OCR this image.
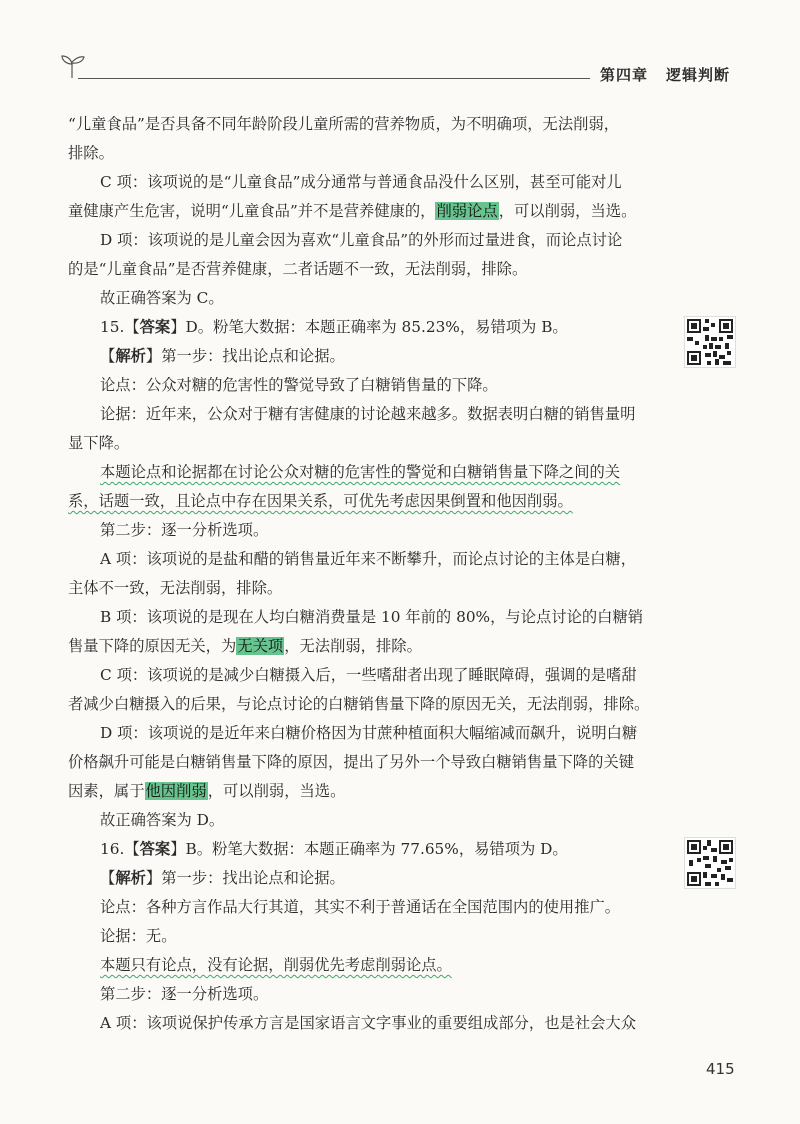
第四章 逻辑判断

“儿童食品”是否具备不同年龄阶段儿童所需的营养物质，为不明确项，无法削弱，

排除。

C 项：该项说的是“儿童食品”成分通常与普通食品没什么区别，甚至可能对儿

童健康产生危害，说明“儿童食品”并不是营养健康的，削弱论点，可以削弱，当选。

D 项：该项说的是儿童会因为喜欢“儿童食品”的外形而过量进食，而论点讨论

的是“儿童食品”是否营养健康，二者话题不一致，无法削弱，排除。

故正确答案为 C。

15.【答案】D。粉笔大数据：本题正确率为 85.23%，易错项为 B。

【解析】第一步：找出论点和论据。

论点：公众对糖的危害性的警觉导致了白糖销售量的下降。

论据：近年来，公众对于糖有害健康的讨论越来越多。数据表明白糖的销售量明

显下降。

本题论点和论据都在讨论公众对糖的危害性的警觉和白糖销售量下降之间的关

系，话题一致，且论点中存在因果关系，可优先考虑因果倒置和他因削弱。

第二步：逐一分析选项。

A 项：该项说的是盐和醋的销售量近年来不断攀升，而论点讨论的主体是白糖，

主体不一致，无法削弱，排除。

B 项：该项说的是现在人均白糖消费量是 10 年前的 80%，与论点讨论的白糖销

售量下降的原因无关，为无关项，无法削弱，排除。

C 项：该项说的是减少白糖摄入后，一些嗜甜者出现了睡眠障碍，强调的是嗜甜

者减少白糖摄入的后果，与论点讨论的白糖销售量下降的原因无关，无法削弱，排除。

D 项：该项说的是近年来白糖价格因为甘蔗种植面积大幅缩减而飙升，说明白糖

价格飙升可能是白糖销售量下降的原因，提出了另外一个导致白糖销售量下降的关键

因素，属于他因削弱，可以削弱，当选。

故正确答案为 D。

16.【答案】B。粉笔大数据：本题正确率为 77.65%，易错项为 D。

【解析】第一步：找出论点和论据。

论点：各种方言作品大行其道，其实不利于普通话在全国范围内的使用推广。

论据：无。

本题只有论点，没有论据，削弱优先考虑削弱论点。

第二步：逐一分析选项。

A 项：该项说保护传承方言是国家语言文字事业的重要组成部分，也是社会大众

415
